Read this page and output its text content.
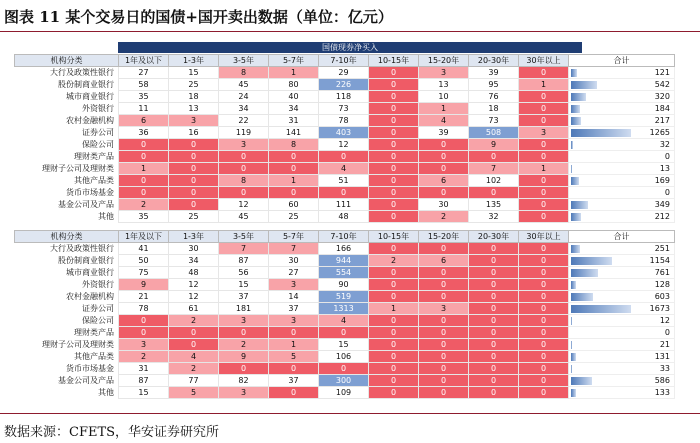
图表 11 某个交易日的国债+国开卖出数据（单位：亿元）
国债现券净买入
机构分类	1年及以下	1-3年	3-5年	5-7年	7-10年	10-15年	15-20年	20-30年	30年以上	合计
大行及政策性银行	27	15	8	1	29	0	3	39	0	121
股份制商业银行	58	25	45	80	226	0	13	95	1	542
城市商业银行	35	18	24	40	118	0	10	76	0	320
外资银行	11	13	34	34	73	0	1	18	0	184
农村金融机构	6	3	22	31	78	0	4	73	0	217
证券公司	36	16	119	141	403	0	39	508	3	1265
保险公司	0	0	3	8	12	0	0	9	0	32
理财类产品	0	0	0	0	0	0	0	0	0	0
理财子公司及理财类	1	0	0	0	4	0	0	7	1	13
其他产品类	0	0	8	1	51	0	6	102	0	169
货币市场基金	0	0	0	0	0	0	0	0	0	0
基金公司及产品	2	0	12	60	111	0	30	135	0	349
其他	35	25	45	25	48	0	2	32	0	212
机构分类	1年及以下	1-3年	3-5年	5-7年	7-10年	10-15年	15-20年	20-30年	30年以上	合计
大行及政策性银行	41	30	7	7	166	0	0	0	0	251
股份制商业银行	50	34	87	30	944	2	6	0	0	1154
城市商业银行	75	48	56	27	554	0	0	0	0	761
外资银行	9	12	15	3	90	0	0	0	0	128
农村金融机构	21	12	37	14	519	0	0	0	0	603
证券公司	78	61	181	37	1313	1	3	0	0	1673
保险公司	0	2	3	3	4	0	0	0	0	12
理财类产品	0	0	0	0	0	0	0	0	0	0
理财子公司及理财类	3	0	2	1	15	0	0	0	0	21
其他产品类	2	4	9	5	106	0	0	0	0	131
货币市场基金	31	2	0	0	0	0	0	0	0	33
基金公司及产品	87	77	82	37	300	0	0	0	0	586
其他	15	5	3	0	109	0	0	0	0	133
数据来源：CFETS，华安证券研究所
